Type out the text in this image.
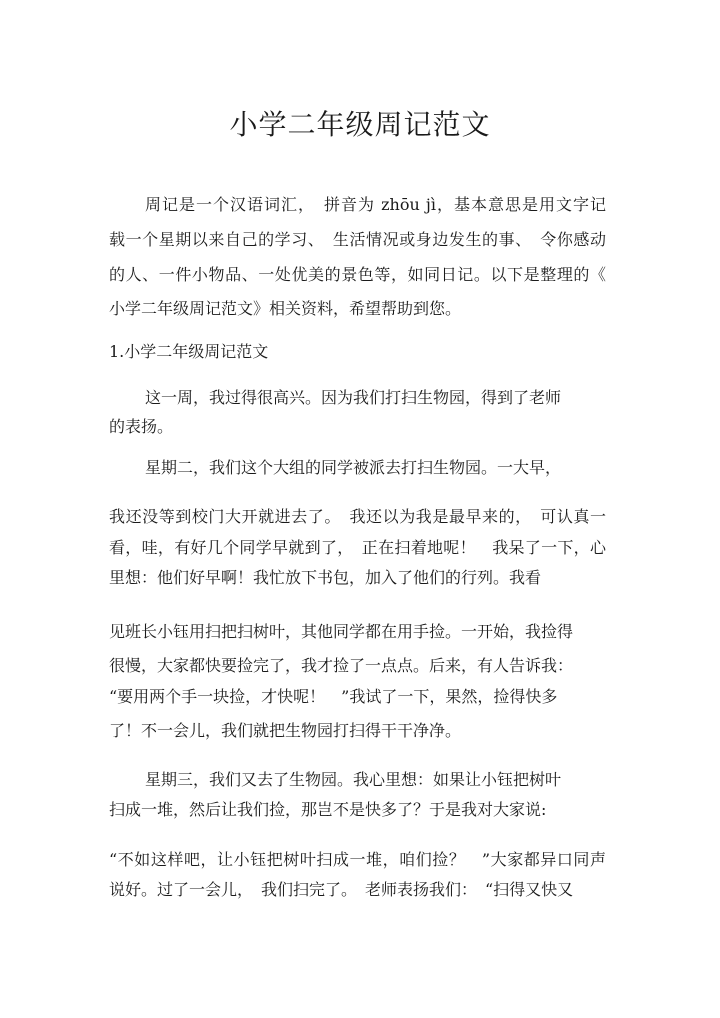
小学二年级周记范文
周记是一个汉语词汇，　拼音为 zhōu jì，基本意思是用文字记
载一个星期以来自己的学习、　生活情况或身边发生的事、　令你感动
的人、一件小物品、一处优美的景色等，如同日记。以下是整理的《
小学二年级周记范文》相关资料，希望帮助到您。
1.小学二年级周记范文
这一周，我过得很高兴。因为我们打扫生物园，得到了老师
的表扬。
星期二，我们这个大组的同学被派去打扫生物园。一大早，
我还没等到校门大开就进去了。　我还以为我是最早来的，　可认真一
看，哇，有好几个同学早就到了，　正在扫着地呢！　我呆了一下，心
里想：他们好早啊！我忙放下书包，加入了他们的行列。我看
见班长小钰用扫把扫树叶，其他同学都在用手捡。一开始，我捡得
很慢，大家都快要捡完了，我才捡了一点点。后来，有人告诉我：
“要用两个手一块捡，才快呢！　”我试了一下，果然，捡得快多
了！不一会儿，我们就把生物园打扫得干干净净。
星期三，我们又去了生物园。我心里想：如果让小钰把树叶
扫成一堆，然后让我们捡，那岂不是快多了？于是我对大家说:
“不如这样吧，让小钰把树叶扫成一堆，咱们捡？　”大家都异口同声
说好。过了一会儿，　我们扫完了。　老师表扬我们：　“扫得又快又
